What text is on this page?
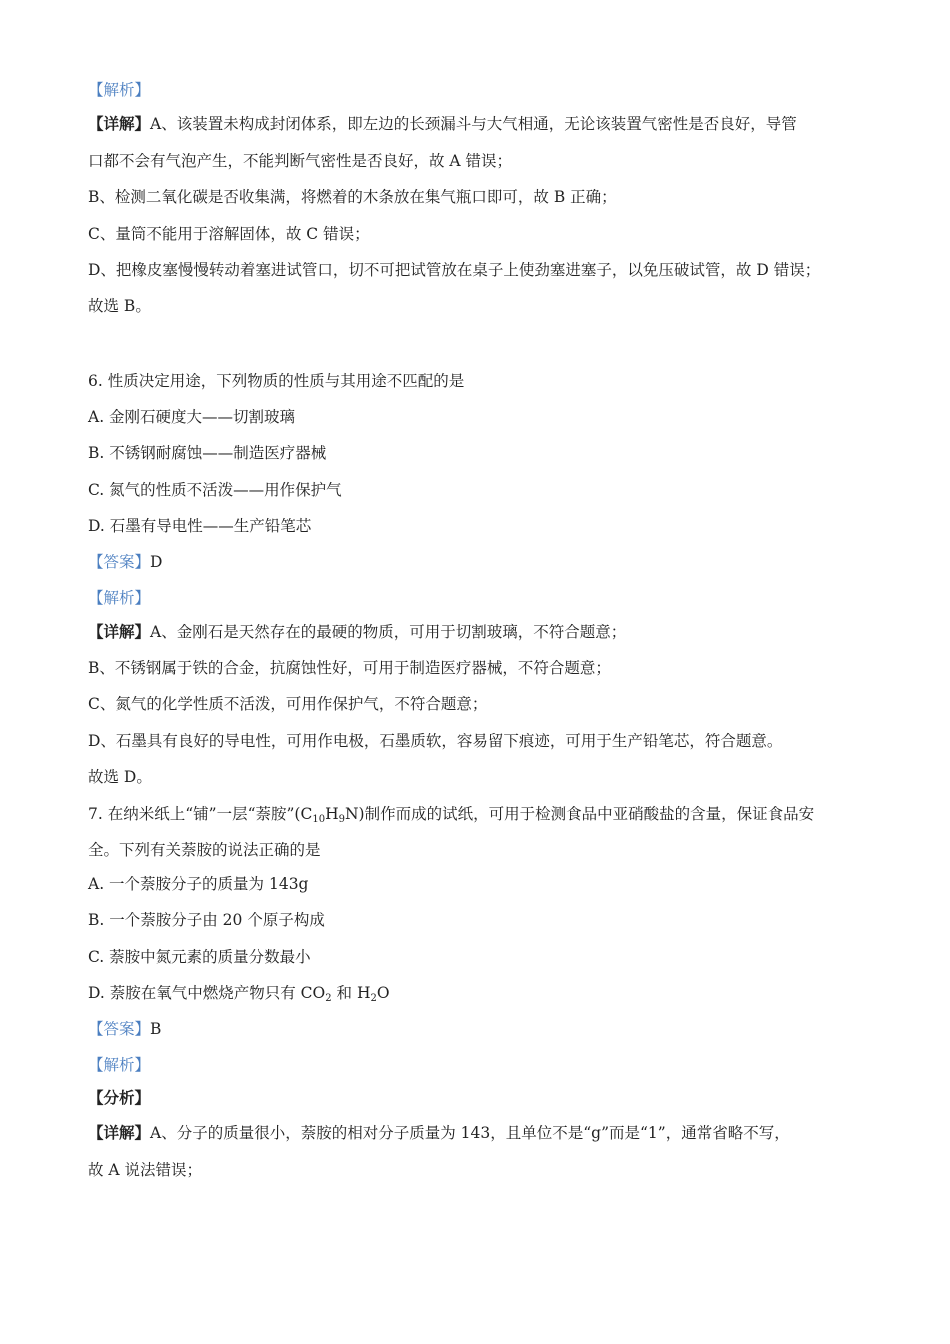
【解析】
【详解】A、该装置未构成封闭体系，即左边的长颈漏斗与大气相通，无论该装置气密性是否良好，导管
口都不会有气泡产生，不能判断气密性是否良好，故 A 错误；
B、检测二氧化碳是否收集满，将燃着的木条放在集气瓶口即可，故 B 正确；
C、量筒不能用于溶解固体，故 C 错误；
D、把橡皮塞慢慢转动着塞进试管口，切不可把试管放在桌子上使劲塞进塞子，以免压破试管，故 D 错误；
故选 B。
6. 性质决定用途，下列物质的性质与其用途不匹配的是
A. 金刚石硬度大——切割玻璃
B. 不锈钢耐腐蚀——制造医疗器械
C. 氮气的性质不活泼——用作保护气
D. 石墨有导电性——生产铅笔芯
【答案】D
【解析】
【详解】A、金刚石是天然存在的最硬的物质，可用于切割玻璃，不符合题意；
B、不锈钢属于铁的合金，抗腐蚀性好，可用于制造医疗器械，不符合题意；
C、氮气的化学性质不活泼，可用作保护气，不符合题意；
D、石墨具有良好的导电性，可用作电极，石墨质软，容易留下痕迹，可用于生产铅笔芯，符合题意。
故选 D。
7. 在纳米纸上“铺”一层“萘胺$”(C_{10}H_9N)$制作而成的试纸，可用于检测食品中亚硝酸盐的含量，保证食品安
全。下列有关萘胺的说法正确的是
A. 一个萘胺分子的质量为 143g
B. 一个萘胺分子由 20 个原子构成
C. 萘胺中氮元素的质量分数最小
D. 萘胺在氧气中燃烧产物只有 $CO_2$ 和 $H_2O$
【答案】B
【解析】
【分析】
【详解】A、分子的质量很小，萘胺的相对分子质量为 143，且单位不是“g”而是“1”，通常省略不写，
故 A 说法错误；
